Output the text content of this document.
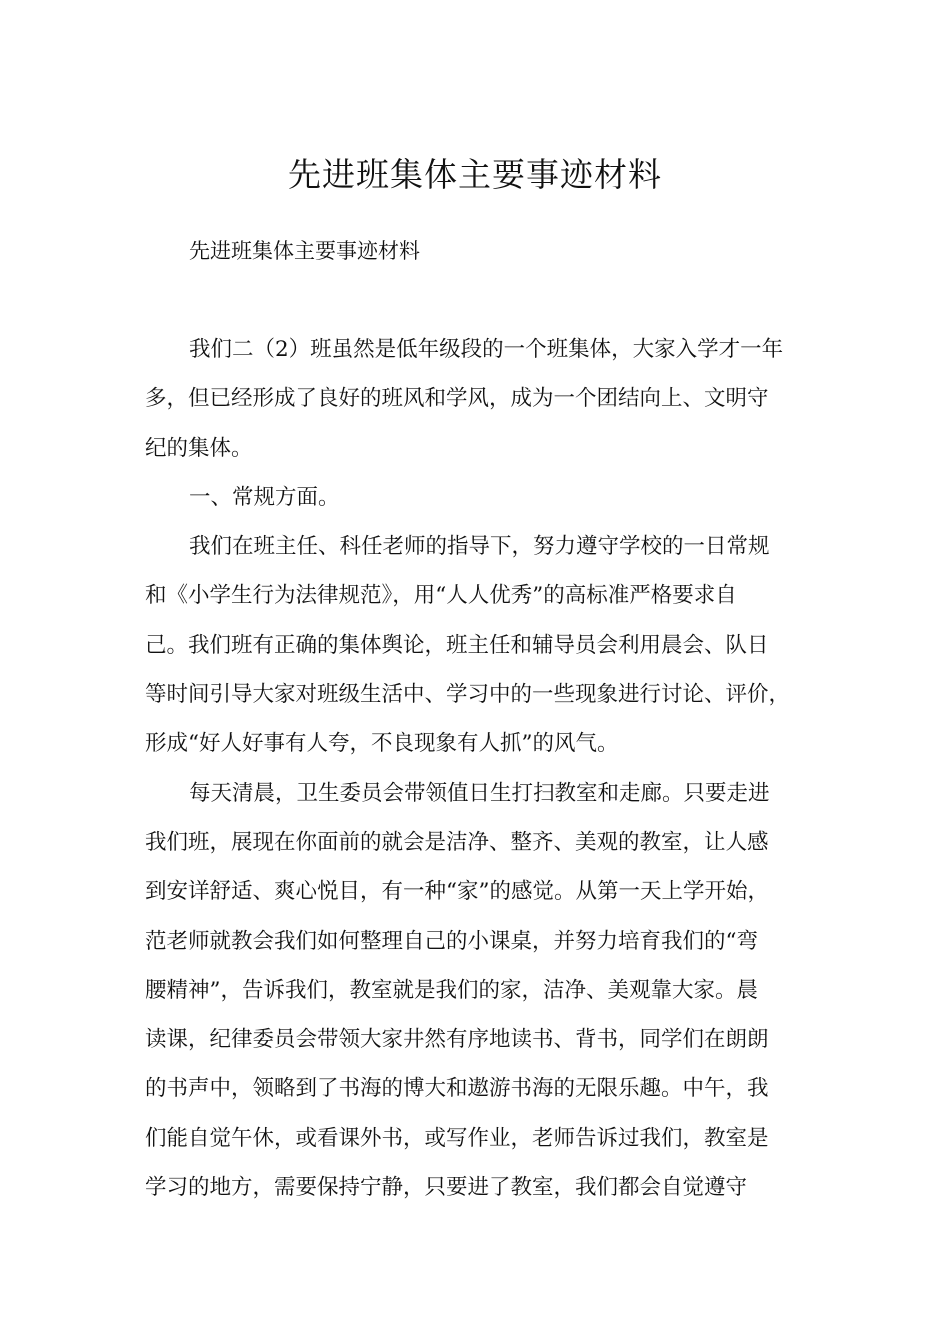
先进班集体主要事迹材料
先进班集体主要事迹材料
我们二（2）班虽然是低年级段的一个班集体，大家入学才一年
多，但已经形成了良好的班风和学风，成为一个团结向上、文明守
纪的集体。
一、常规方面。
我们在班主任、科任老师的指导下，努力遵守学校的一日常规
和《小学生行为法律规范》，用“人人优秀”的高标准严格要求自
己。我们班有正确的集体舆论，班主任和辅导员会利用晨会、队日
等时间引导大家对班级生活中、学习中的一些现象进行讨论、评价，
形成“好人好事有人夸，不良现象有人抓”的风气。
每天清晨，卫生委员会带领值日生打扫教室和走廊。只要走进
我们班，展现在你面前的就会是洁净、整齐、美观的教室，让人感
到安详舒适、爽心悦目，有一种“家”的感觉。从第一天上学开始，
范老师就教会我们如何整理自己的小课桌，并努力培育我们的“弯
腰精神”，告诉我们，教室就是我们的家，洁净、美观靠大家。晨
读课，纪律委员会带领大家井然有序地读书、背书，同学们在朗朗
的书声中，领略到了书海的博大和遨游书海的无限乐趣。中午，我
们能自觉午休，或看课外书，或写作业，老师告诉过我们，教室是
学习的地方，需要保持宁静，只要进了教室，我们都会自觉遵守
